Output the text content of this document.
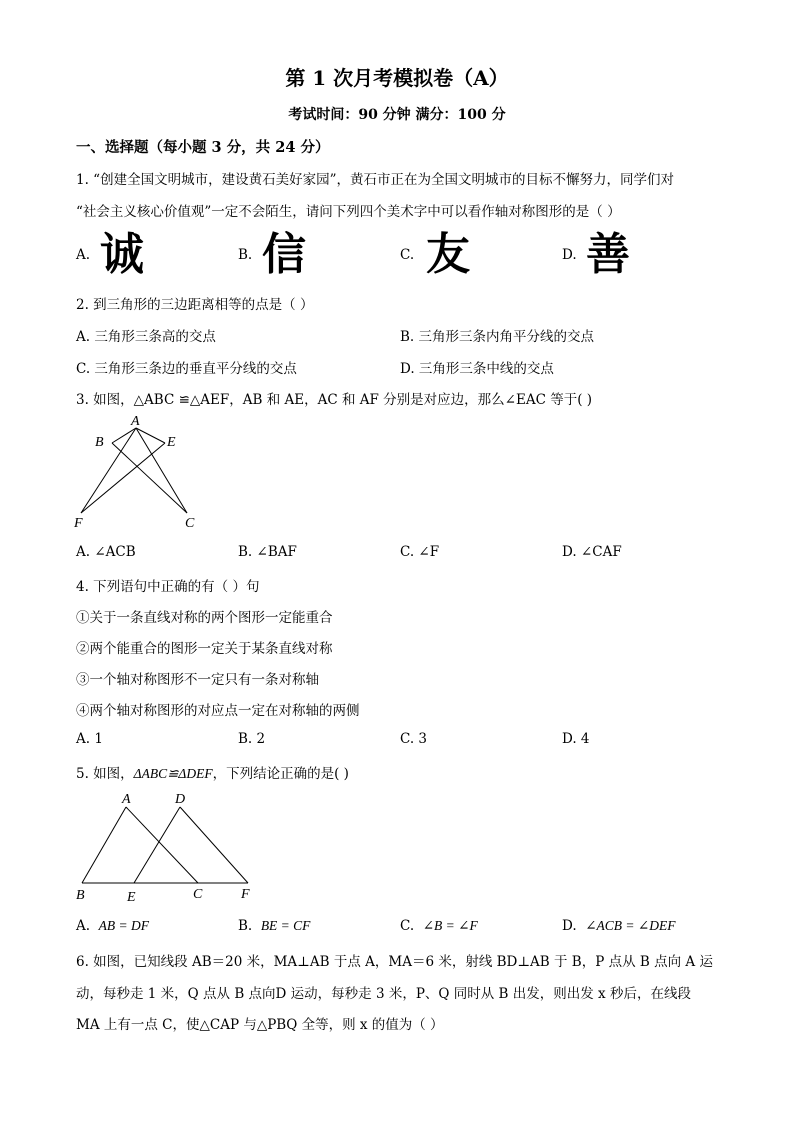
第 1 次月考模拟卷（A）
考试时间：90 分钟 满分：100 分
一、选择题（每小题 3 分，共 24 分）
1. “创建全国文明城市，建设黄石美好家园”，黄石市正在为全国文明城市的目标不懈努力，同学们对
“社会主义核心价值观”一定不会陌生，请问下列四个美术字中可以看作轴对称图形的是（ ）
A. 诚	B. 信	C. 友	D. 善
2. 到三角形的三边距离相等的点是（ ）
A. 三角形三条高的交点	B. 三角形三条内角平分线的交点
C. 三角形三条边的垂直平分线的交点	D. 三角形三条中线的交点
3. 如图，△ABC ≌△AEF，AB 和 AE，AC 和 AF 分别是对应边，那么∠EAC 等于( )
A
B	E
F	C
A. ∠ACB	B. ∠BAF	C. ∠F	D. ∠CAF
4. 下列语句中正确的有（ ）句
①关于一条直线对称的两个图形一定能重合
②两个能重合的图形一定关于某条直线对称
③一个轴对称图形不一定只有一条对称轴
④两个轴对称图形的对应点一定在对称轴的两侧
A. 1	B. 2	C. 3	D. 4
5. 如图，ΔABC≌ΔDEF，下列结论正确的是( )
A	D
B	E	C	F
A. AB = DF	B. BE = CF	C. ∠B = ∠F	D. ∠ACB = ∠DEF
6. 如图，已知线段 AB＝20 米，MA⊥AB 于点 A，MA＝6 米，射线 BD⊥AB 于 B，P 点从 B 点向 A 运
动，每秒走 1 米，Q 点从 B 点向D 运动，每秒走 3 米，P、Q 同时从 B 出发，则出发 x 秒后，在线段
MA 上有一点 C，使△CAP 与△PBQ 全等，则 x 的值为（ ）
